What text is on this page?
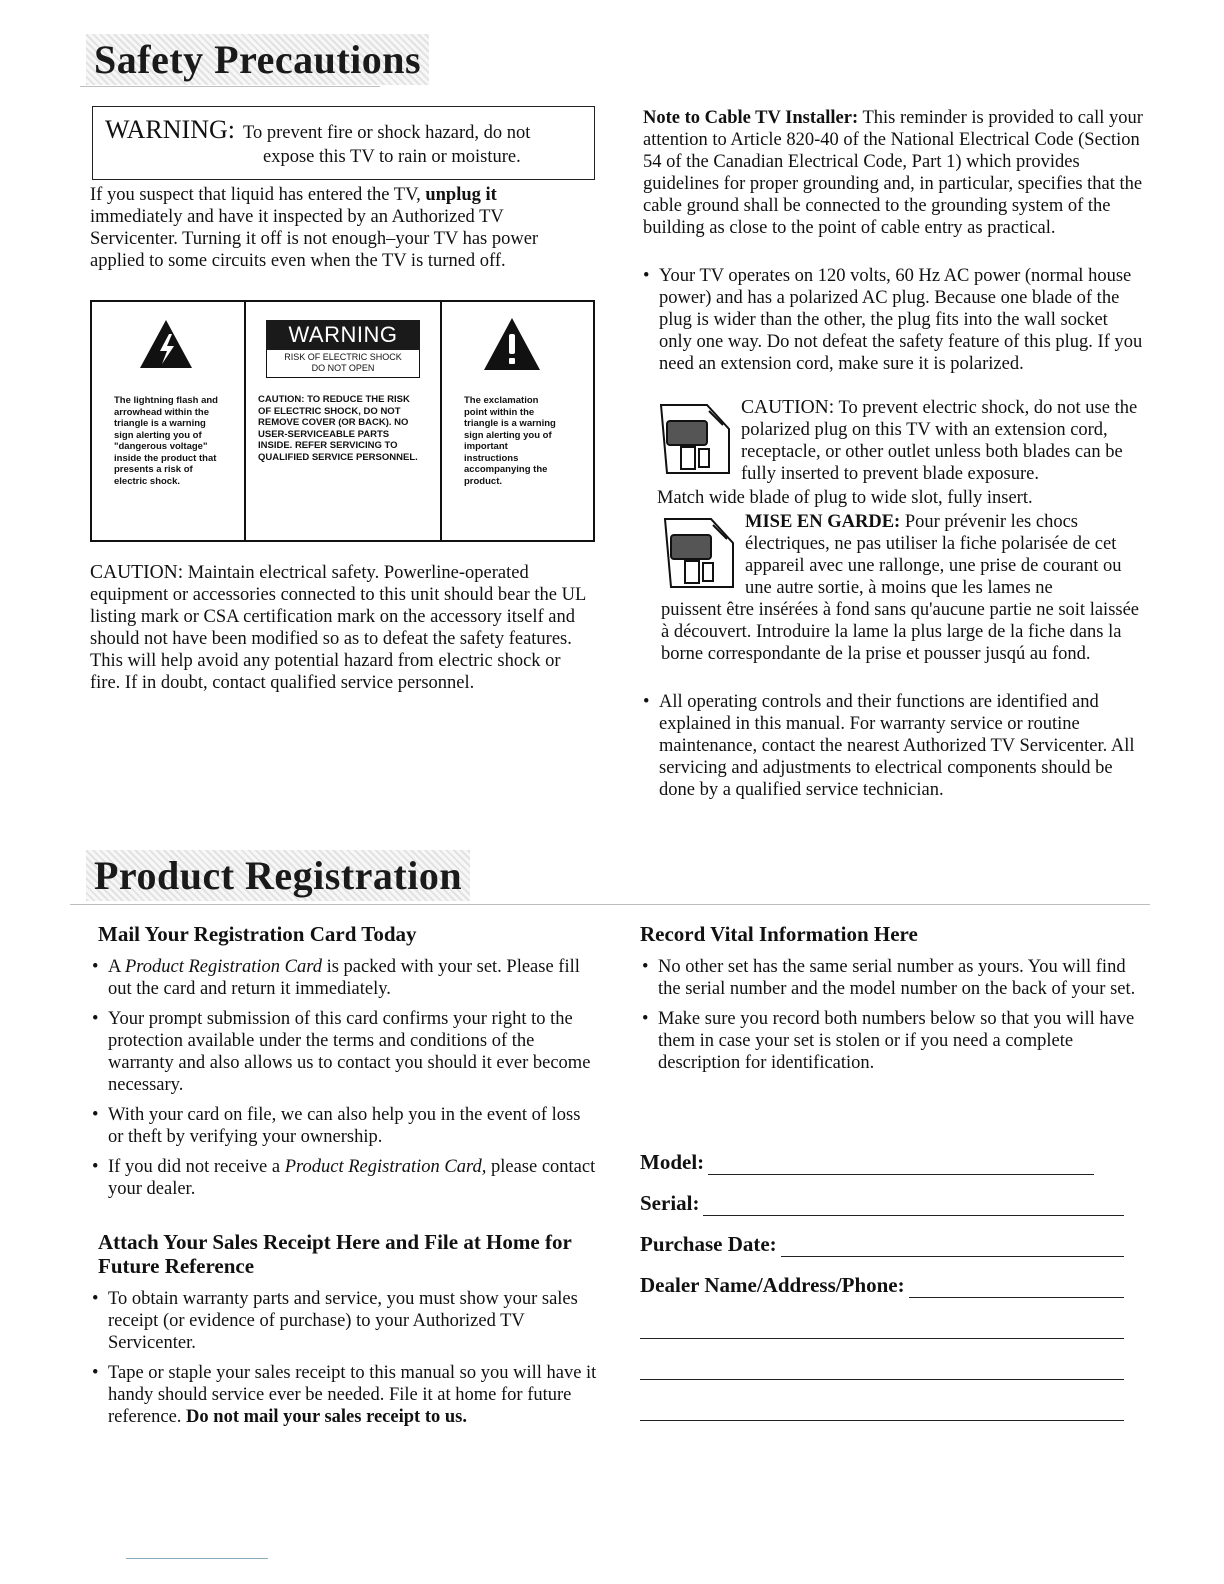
Safety Precautions
WARNING: To prevent fire or shock hazard, do not
expose this TV to rain or moisture.

If you suspect that liquid has entered the TV, unplug it immediately and have it inspected by an Authorized TV Servicenter. Turning it off is not enough–your TV has power applied to some circuits even when the TV is turned off.

The lightning flash and arrowhead within the triangle is a warning sign alerting you of "dangerous voltage" inside the product that presents a risk of electric shock.
WARNING
RISK OF ELECTRIC SHOCK
DO NOT OPEN
CAUTION: TO REDUCE THE RISK OF ELECTRIC SHOCK, DO NOT REMOVE COVER (OR BACK). NO USER-SERVICEABLE PARTS INSIDE. REFER SERVICING TO QUALIFIED SERVICE PERSONNEL.
The exclamation point within the triangle is a warning sign alerting you of important instructions accompanying the product.

CAUTION: Maintain electrical safety. Powerline-operated equipment or accessories connected to this unit should bear the UL listing mark or CSA certification mark on the accessory itself and should not have been modified so as to defeat the safety features. This will help avoid any potential hazard from electric shock or fire. If in doubt, contact qualified service personnel.

Note to Cable TV Installer: This reminder is provided to call your attention to Article 820-40 of the National Electrical Code (Section 54 of the Canadian Electrical Code, Part 1) which provides guidelines for proper grounding and, in particular, specifies that the cable ground shall be connected to the grounding system of the building as close to the point of cable entry as practical.

• Your TV operates on 120 volts, 60 Hz AC power (normal house power) and has a polarized AC plug. Because one blade of the plug is wider than the other, the plug fits into the wall socket only one way. Do not defeat the safety feature of this plug. If you need an extension cord, make sure it is polarized.
CAUTION: To prevent electric shock, do not use the polarized plug on this TV with an extension cord, receptacle, or other outlet unless both blades can be fully inserted to prevent blade exposure.
Match wide blade of plug to wide slot, fully insert.
MISE EN GARDE: Pour prévenir les chocs électriques, ne pas utiliser la fiche polarisée de cet appareil avec une rallonge, une prise de courant ou une autre sortie, à moins que les lames ne
puissent être insérées à fond sans qu'aucune partie ne soit laissée à découvert. Introduire la lame la plus large de la fiche dans la borne correspondante de la prise et pousser jusqú au fond.
• All operating controls and their functions are identified and explained in this manual. For warranty service or routine maintenance, contact the nearest Authorized TV Servicenter. All servicing and adjustments to electrical components should be done by a qualified service technician.
Product Registration
Mail Your Registration Card Today
• A Product Registration Card is packed with your set. Please fill out the card and return it immediately.
• Your prompt submission of this card confirms your right to the protection available under the terms and conditions of the warranty and also allows us to contact you should it ever become necessary.
• With your card on file, we can also help you in the event of loss or theft by verifying your ownership.
• If you did not receive a Product Registration Card, please contact your dealer.
Attach Your Sales Receipt Here and File at Home for Future Reference
• To obtain warranty parts and service, you must show your sales receipt (or evidence of purchase) to your Authorized TV Servicenter.
• Tape or staple your sales receipt to this manual so you will have it handy should service ever be needed. File it at home for future reference. Do not mail your sales receipt to us.
Record Vital Information Here
• No other set has the same serial number as yours. You will find the serial number and the model number on the back of your set.
• Make sure you record both numbers below so that you will have them in case your set is stolen or if you need a complete description for identification.
Model:
Serial:
Purchase Date:
Dealer Name/Address/Phone:
